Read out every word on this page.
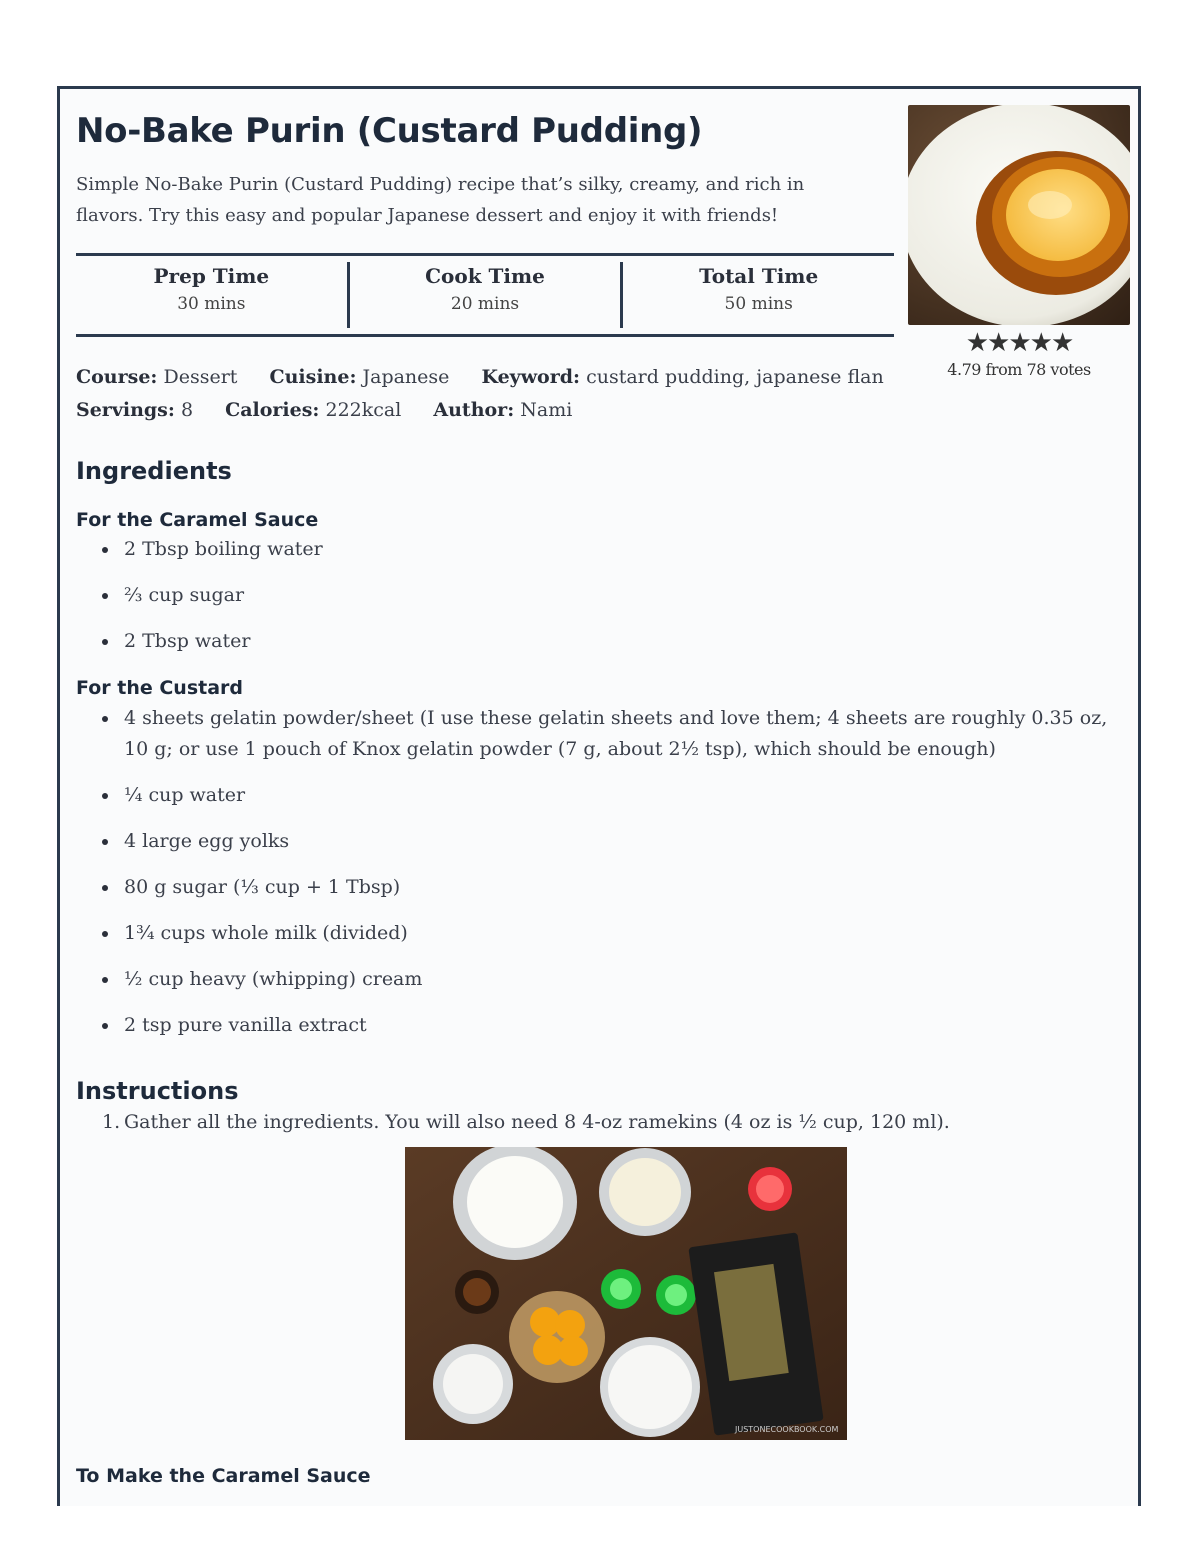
No-Bake Purin (Custard Pudding)
Simple No-Bake Purin (Custard Pudding) recipe that’s silky, creamy, and rich in flavors. Try this easy and popular Japanese dessert and enjoy it with friends!
★★★★★
4.79 from 78 votes
Prep Time
30 mins
Cook Time
20 mins
Total Time
50 mins
Course: Dessert Cuisine: Japanese Keyword: custard pudding, japanese flan
Servings: 8 Calories: 222kcal Author: Nami
Ingredients
For the Caramel Sauce
2 Tbsp boiling water
⅔ cup sugar
2 Tbsp water
For the Custard
4 sheets gelatin powder/sheet (I use these gelatin sheets and love them; 4 sheets are roughly 0.35 oz, 10 g; or use 1 pouch of Knox gelatin powder (7 g, about 2½ tsp), which should be enough)
¼ cup water
4 large egg yolks
80 g sugar (⅓ cup + 1 Tbsp)
1¾ cups whole milk (divided)
½ cup heavy (whipping) cream
2 tsp pure vanilla extract
Instructions
1. Gather all the ingredients. You will also need 8 4-oz ramekins (4 oz is ½ cup, 120 ml).
JUSTONECOOKBOOK.COM
To Make the Caramel Sauce
